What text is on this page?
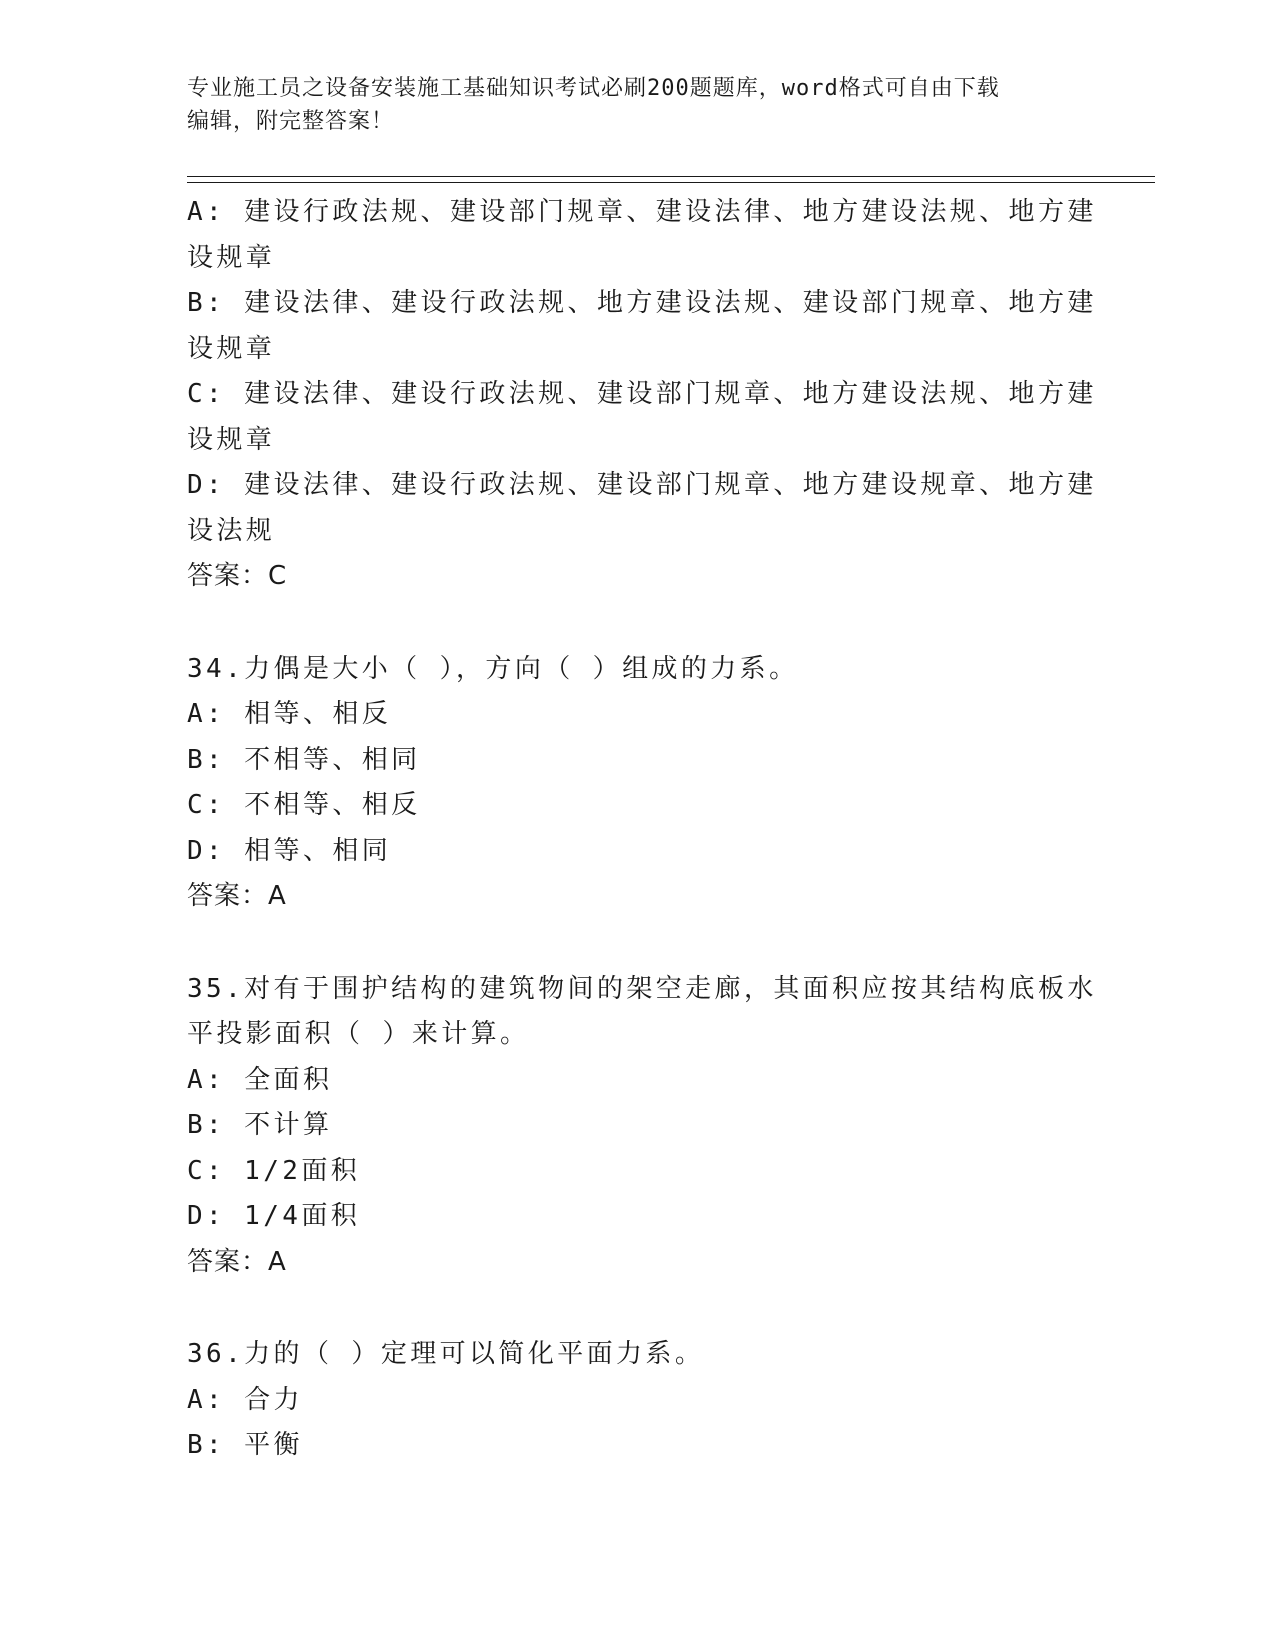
专业施工员之设备安装施工基础知识考试必刷200题题库，word格式可自由下载
编辑，附完整答案！
A: 建设行政法规、建设部门规章、建设法律、地方建设法规、地方建
设规章
B: 建设法律、建设行政法规、地方建设法规、建设部门规章、地方建
设规章
C: 建设法律、建设行政法规、建设部门规章、地方建设法规、地方建
设规章
D: 建设法律、建设行政法规、建设部门规章、地方建设规章、地方建
设法规
答案：C
34.力偶是大小（ ），方向（ ）组成的力系。
A: 相等、相反
B: 不相等、相同
C: 不相等、相反
D: 相等、相同
答案：A
35.对有于围护结构的建筑物间的架空走廊，其面积应按其结构底板水
平投影面积（ ）来计算。
A: 全面积
B: 不计算
C: 1/2面积
D: 1/4面积
答案：A
36.力的（ ）定理可以简化平面力系。
A: 合力
B: 平衡
